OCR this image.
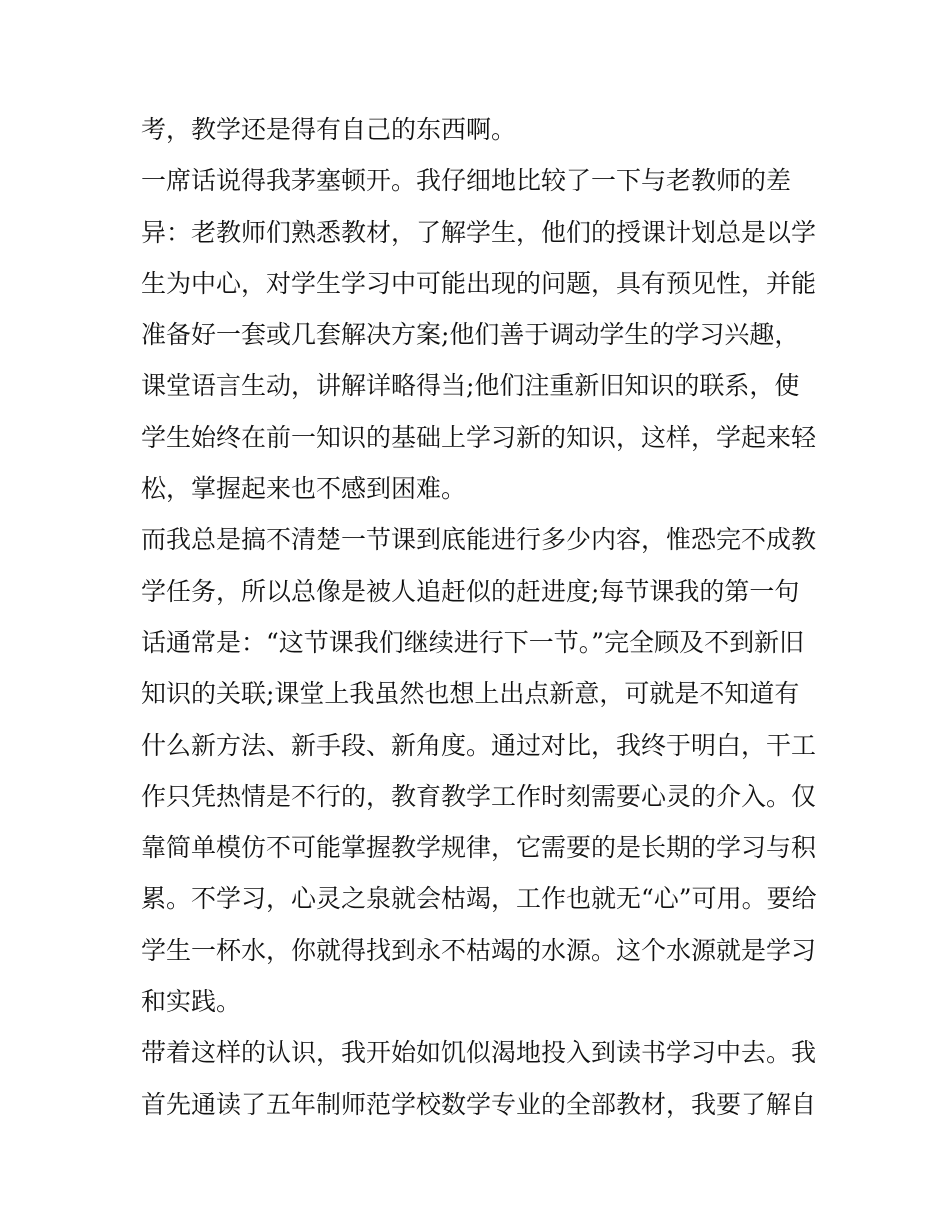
考，教学还是得有自己的东西啊。
一席话说得我茅塞顿开。我仔细地比较了一下与老教师的差
异：老教师们熟悉教材，了解学生，他们的授课计划总是以学
生为中心，对学生学习中可能出现的问题，具有预见性，并能
准备好一套或几套解决方案;他们善于调动学生的学习兴趣，
课堂语言生动，讲解详略得当;他们注重新旧知识的联系，使
学生始终在前一知识的基础上学习新的知识，这样，学起来轻
松，掌握起来也不感到困难。
而我总是搞不清楚一节课到底能进行多少内容，惟恐完不成教
学任务，所以总像是被人追赶似的赶进度;每节课我的第一句
话通常是：“这节课我们继续进行下一节。”完全顾及不到新旧
知识的关联;课堂上我虽然也想上出点新意，可就是不知道有
什么新方法、新手段、新角度。通过对比，我终于明白，干工
作只凭热情是不行的，教育教学工作时刻需要心灵的介入。仅
靠简单模仿不可能掌握教学规律，它需要的是长期的学习与积
累。不学习，心灵之泉就会枯竭，工作也就无“心”可用。要给
学生一杯水，你就得找到永不枯竭的水源。这个水源就是学习
和实践。
带着这样的认识，我开始如饥似渴地投入到读书学习中去。我
首先通读了五年制师范学校数学专业的全部教材，我要了解自
